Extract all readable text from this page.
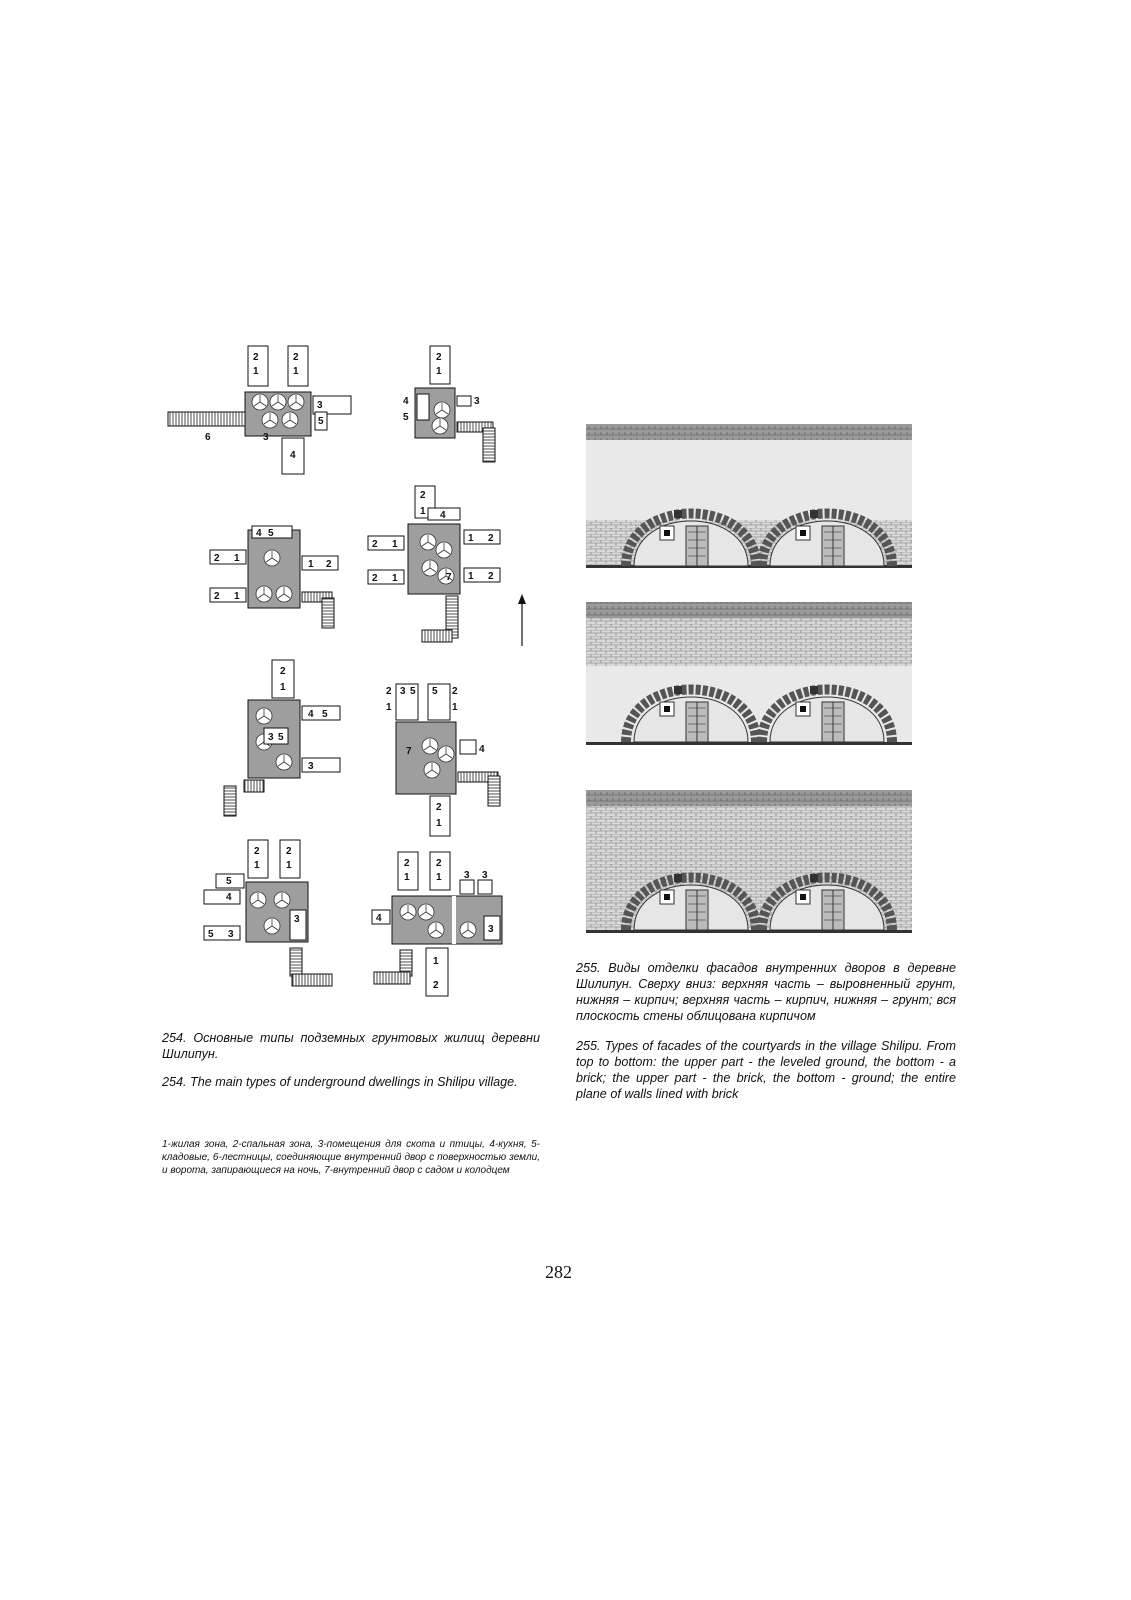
2
1
2
1
3
5
6	3
4
2
1
3
4
5
4 5
2 1
1 2
2 1
2
1 4
2 1
1 2
2 1	7 1 2
2
1
4 5
3 5
3
2 3 5 5 2
1	1
7	4
2
1
2
1
2
1
5
4
3
5 3
2
1
2
1 3 3
4
3
1
2

254. Основные типы подземных грунтовых жилищ деревни Шилипун.

254. The main types of underground dwellings in Shilipu village.

1-жилая зона, 2-спальная зона, 3-помещения для скота и птицы, 4-кухня, 5-кладовые, 6-лестницы, соединяющие внутренний двор с поверхностью земли, и ворота, запирающиеся на ночь, 7-внутренний двор с садом и колодцем

255. Виды отделки фасадов внутренних дворов в деревне Шилипун. Сверху вниз: верхняя часть – выровненный грунт, нижняя – кирпич; верхняя часть – кирпич, нижняя – грунт; вся плоскость стены облицована кирпичом

255. Types of facades of the courtyards in the village Shilipu. From top to bottom: the upper part - the leveled ground, the bottom - a brick; the upper part - the brick, the bottom - ground; the entire plane of walls lined with brick

282
